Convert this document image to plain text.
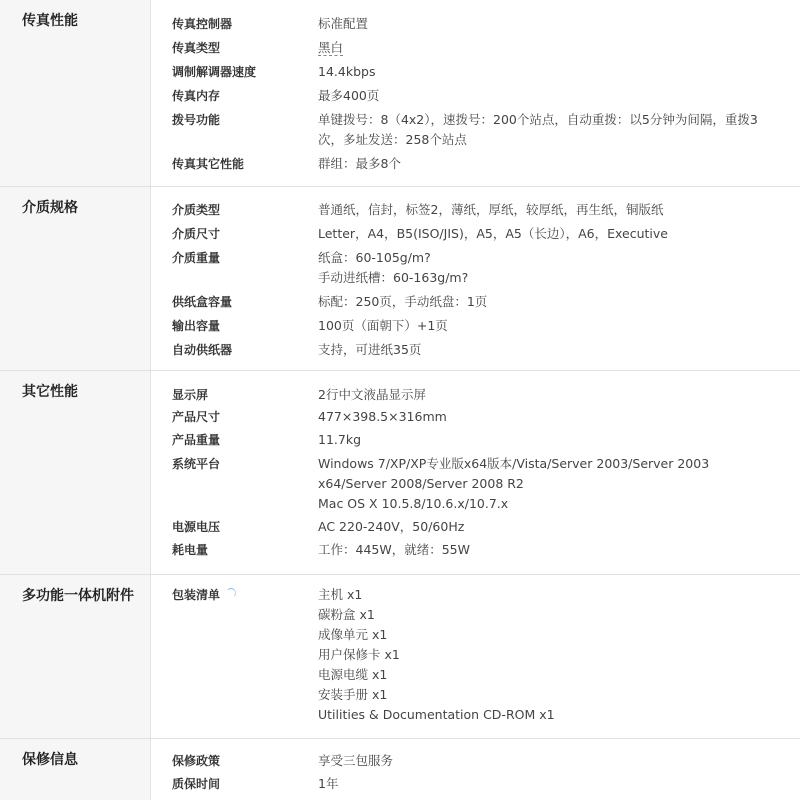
传真性能	传真控制器	标准配置
传真类型	黑白
调制解调器速度	14.4kbps
传真内存	最多400页
拨号功能	单键拨号：8（4x2），速拨号：200个站点，自动重拨：以5分钟为间隔，重拨3次，多址发送：258个站点
传真其它性能	群组：最多8个
介质规格	介质类型	普通纸，信封，标签2，薄纸，厚纸，较厚纸，再生纸，铜版纸
介质尺寸	Letter，A4，B5(ISO/JIS)，A5，A5（长边），A6，Executive
介质重量	纸盒：60-105g/m?
手动进纸槽：60-163g/m?
供纸盒容量	标配：250页，手动纸盘：1页
输出容量	100页（面朝下）+1页
自动供纸器	支持，可进纸35页
其它性能	显示屏	2行中文液晶显示屏
产品尺寸	477×398.5×316mm
产品重量	11.7kg
系统平台	Windows 7/XP/XP专业版x64版本/Vista/Server 2003/Server 2003 x64/Server 2008/Server 2008 R2
Mac OS X 10.5.8/10.6.x/10.7.x
电源电压	AC 220-240V，50/60Hz
耗电量	工作：445W，就绪：55W
多功能一体机附件	包装清单	主机 x1
碳粉盒 x1
成像单元 x1
用户保修卡 x1
电源电缆 x1
安装手册 x1
Utilities & Documentation CD-ROM x1
保修信息	保修政策	享受三包服务
质保时间	1年
